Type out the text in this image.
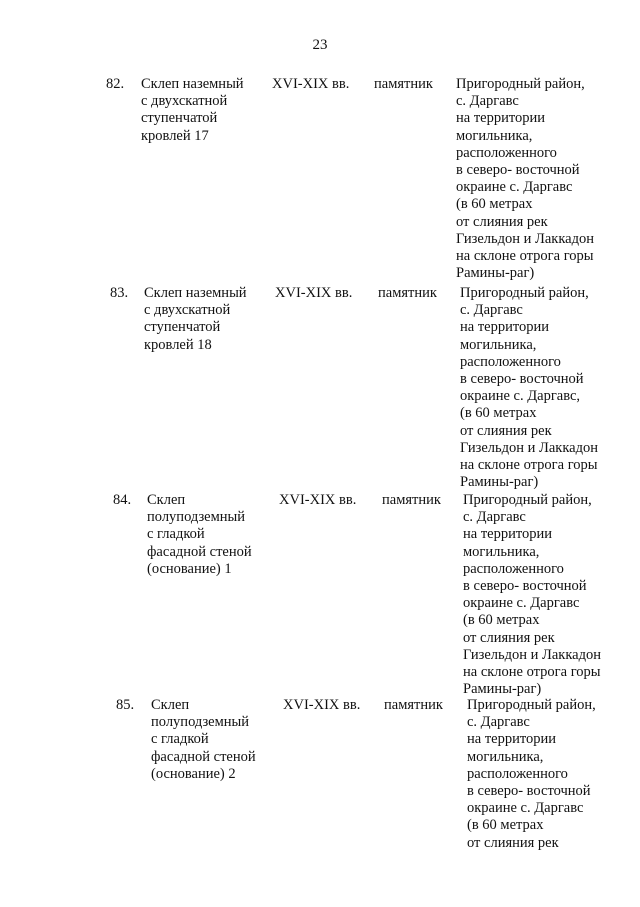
23
82. Склеп наземный
с двухскатной
ступенчатой
кровлей 17
XVI-XIX вв. памятник Пригородный район,
с. Даргавс
на территории
могильника,
расположенного
в северо- восточной
окраине с. Даргавс
(в 60 метрах
от слияния рек
Гизельдон и Лаккадон
на склоне отрога горы
Рамины-раг)
83. Склеп наземный
с двухскатной
ступенчатой
кровлей 18
XVI-XIX вв. памятник Пригородный район,
с. Даргавс
на территории
могильника,
расположенного
в северо- восточной
окраине с. Даргавс,
(в 60 метрах
от слияния рек
Гизельдон и Лаккадон
на склоне отрога горы
Рамины-раг)
84. Склеп
полуподземный
с гладкой
фасадной стеной
(основание) 1
XVI-XIX вв. памятник Пригородный район,
с. Даргавс
на территории
могильника,
расположенного
в северо- восточной
окраине с. Даргавс
(в 60 метрах
от слияния рек
Гизельдон и Лаккадон
на склоне отрога горы
Рамины-раг)
85. Склеп
полуподземный
с гладкой
фасадной стеной
(основание) 2
XVI-XIX вв. памятник Пригородный район,
с. Даргавс
на территории
могильника,
расположенного
в северо- восточной
окраине с. Даргавс
(в 60 метрах
от слияния рек
